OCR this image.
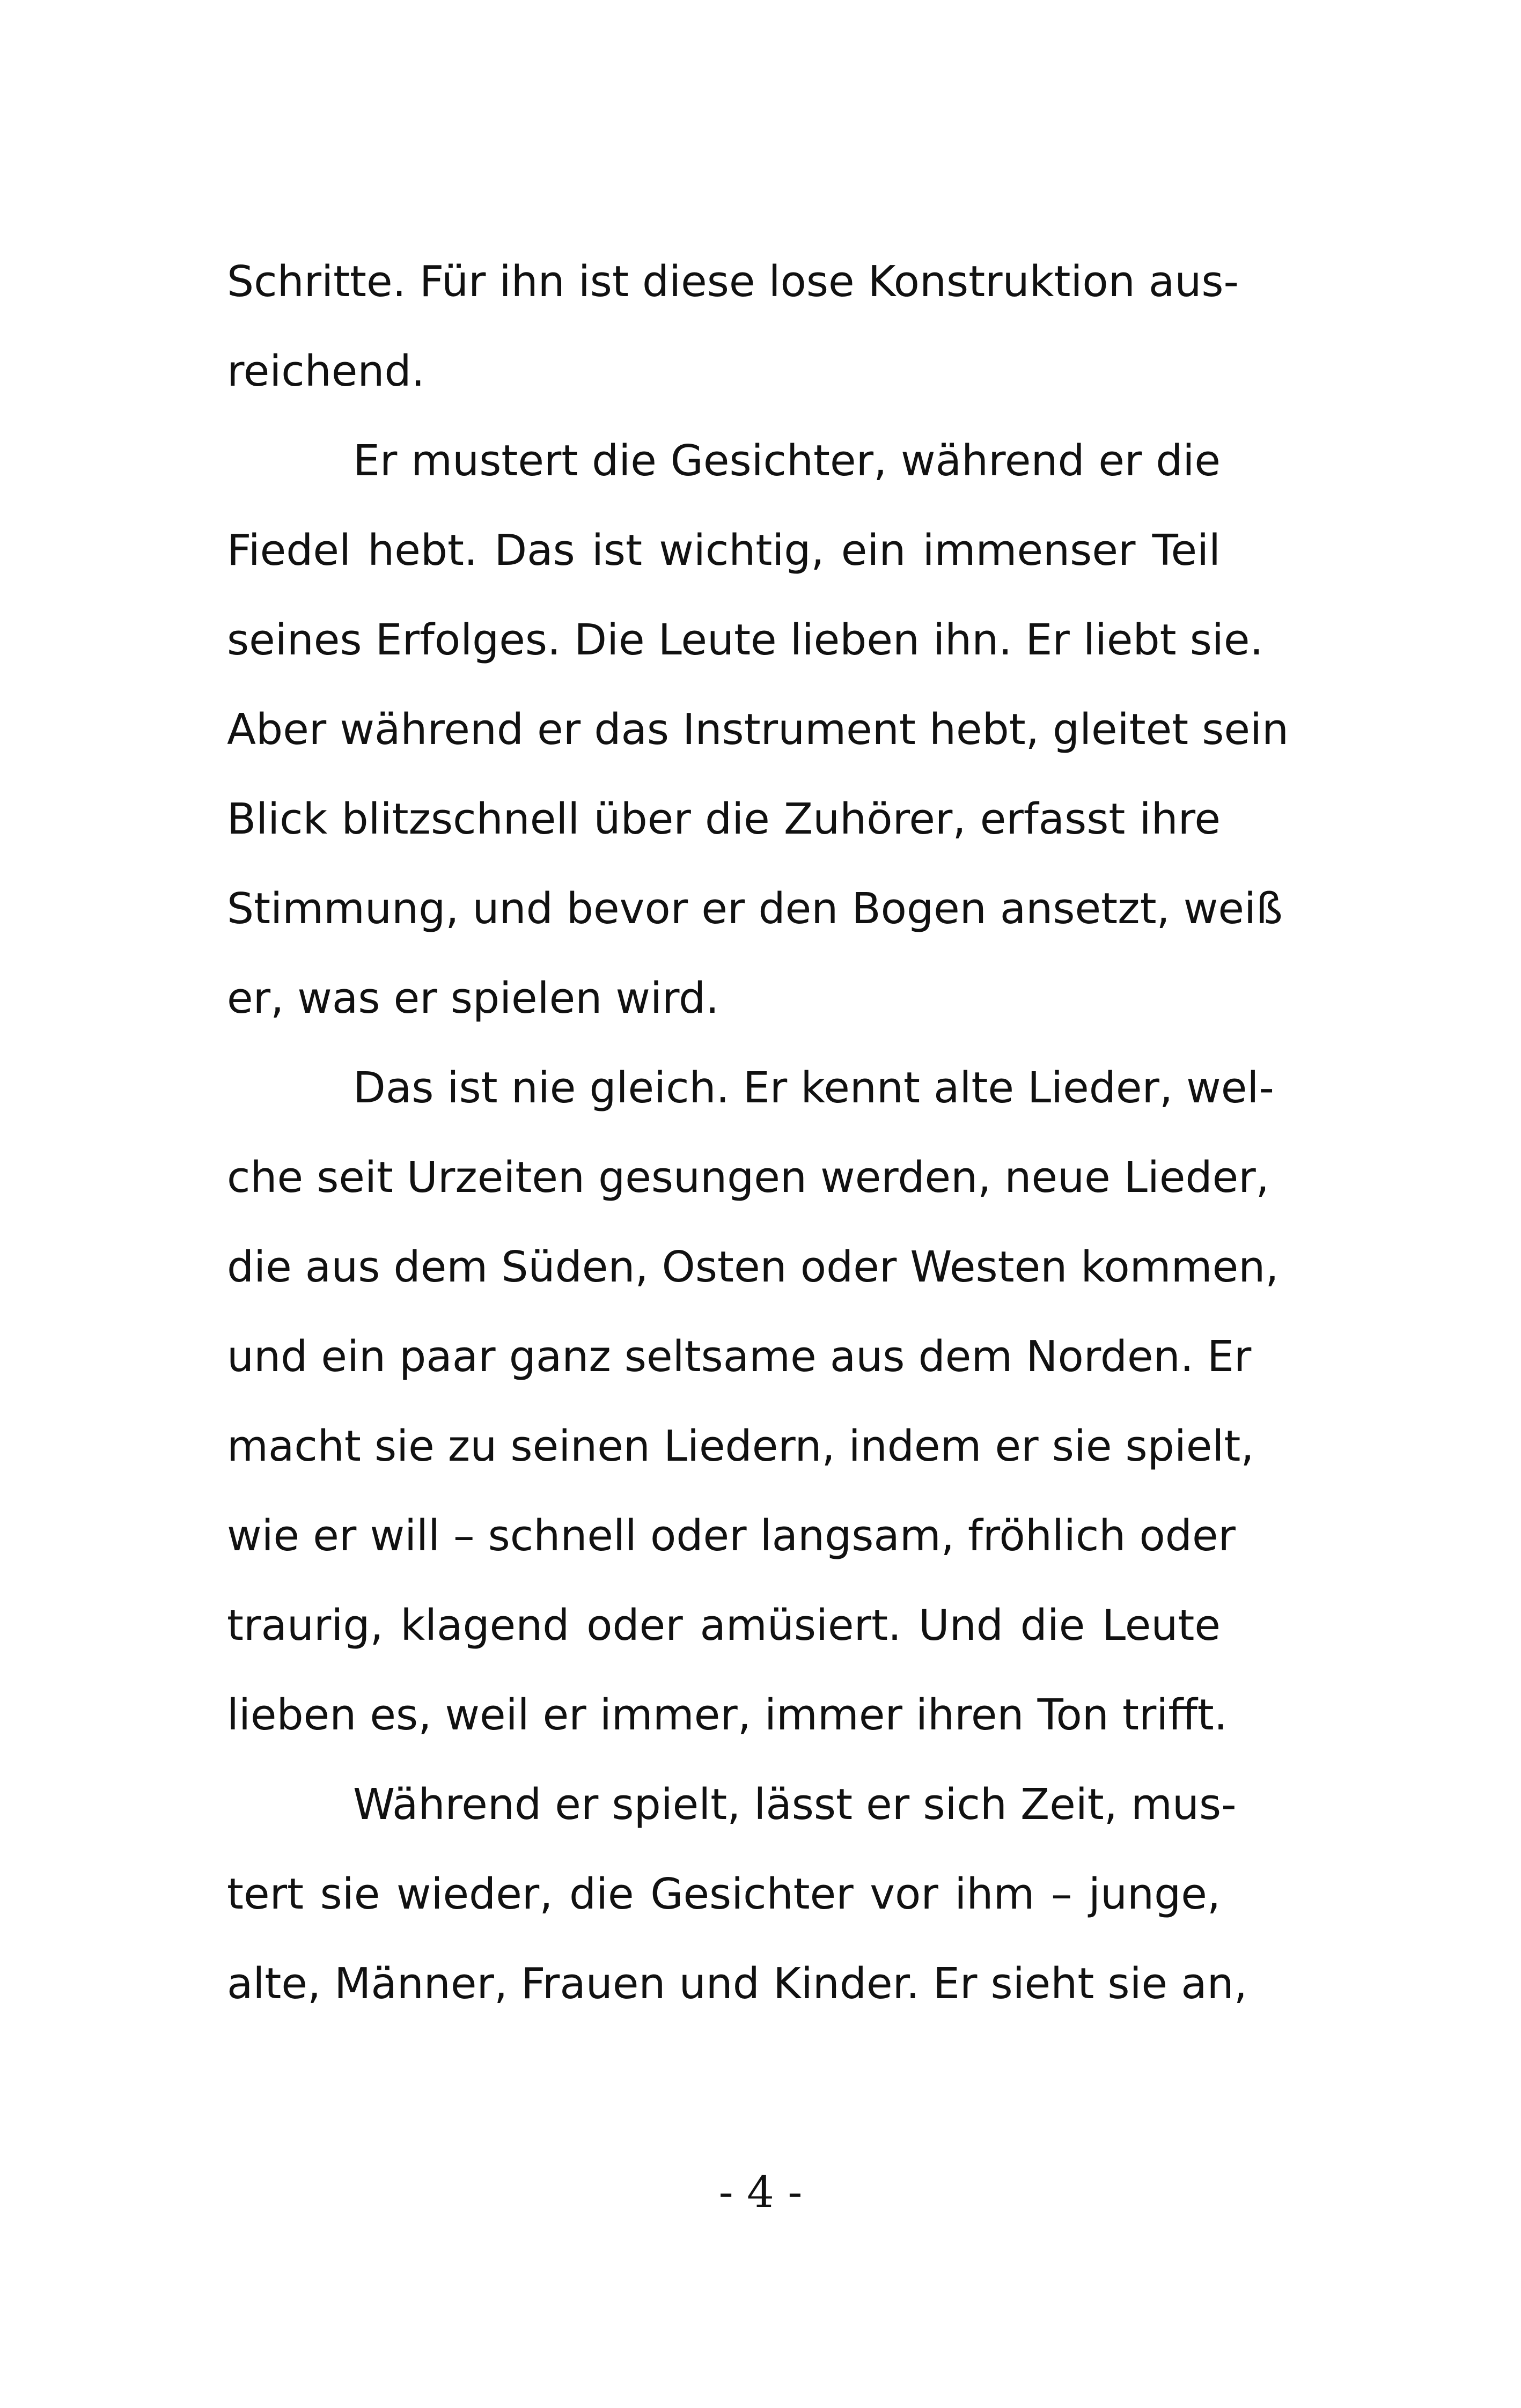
Schritte. Für ihn ist diese lose Konstruktion aus-
reichend.
Er mustert die Gesichter, während er die
Fiedel hebt. Das ist wichtig, ein immenser Teil
seines Erfolges. Die Leute lieben ihn. Er liebt sie.
Aber während er das Instrument hebt, gleitet sein
Blick blitzschnell über die Zuhörer, erfasst ihre
Stimmung, und bevor er den Bogen ansetzt, weiß
er, was er spielen wird.
Das ist nie gleich. Er kennt alte Lieder, wel-
che seit Urzeiten gesungen werden, neue Lieder,
die aus dem Süden, Osten oder Westen kommen,
und ein paar ganz seltsame aus dem Norden. Er
macht sie zu seinen Liedern, indem er sie spielt,
wie er will – schnell oder langsam, fröhlich oder
traurig, klagend oder amüsiert. Und die Leute
lieben es, weil er immer, immer ihren Ton trifft.
Während er spielt, lässt er sich Zeit, mus-
tert sie wieder, die Gesichter vor ihm – junge,
alte, Männer, Frauen und Kinder. Er sieht sie an,
- 4 -
